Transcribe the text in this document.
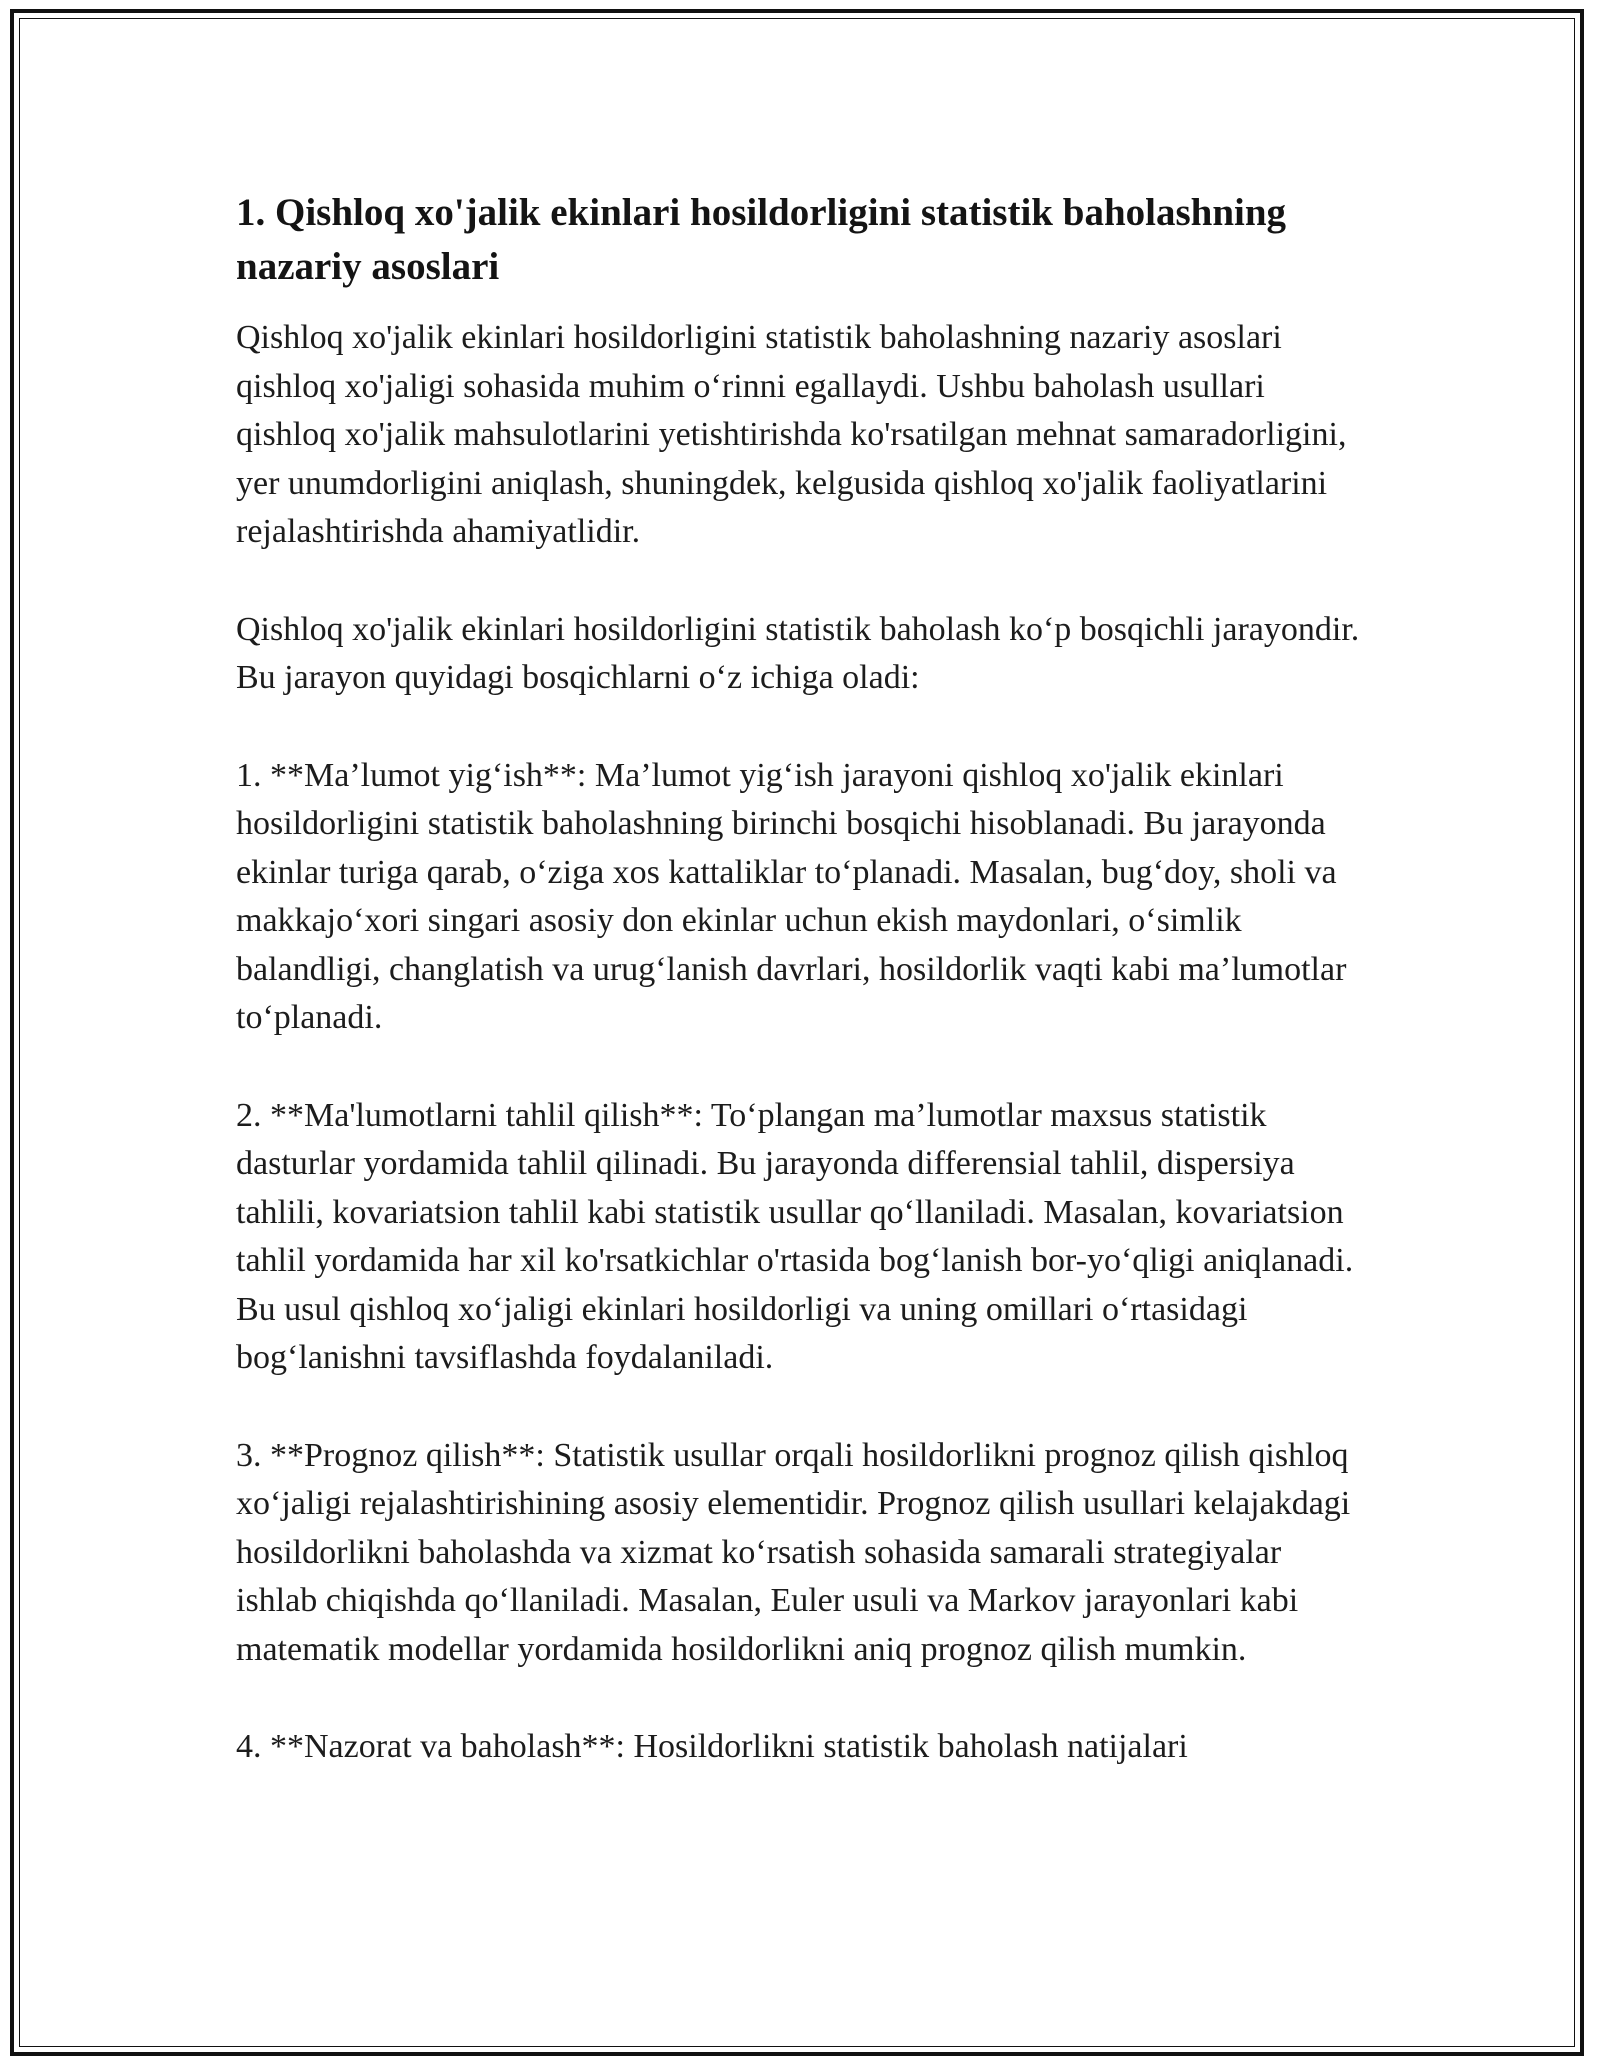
1. Qishloq xo'jalik ekinlari hosildorligini statistik baholashning nazariy asoslari

Qishloq xo'jalik ekinlari hosildorligini statistik baholashning nazariy asoslari qishloq xo'jaligi sohasida muhim o‘rinni egallaydi. Ushbu baholash usullari qishloq xo'jalik mahsulotlarini yetishtirishda ko'rsatilgan mehnat samaradorligini, yer unumdorligini aniqlash, shuningdek, kelgusida qishloq xo'jalik faoliyatlarini rejalashtirishda ahamiyatlidir.

Qishloq xo'jalik ekinlari hosildorligini statistik baholash ko‘p bosqichli jarayondir. Bu jarayon quyidagi bosqichlarni o‘z ichiga oladi:

1. **Ma’lumot yig‘ish**: Ma’lumot yig‘ish jarayoni qishloq xo'jalik ekinlari hosildorligini statistik baholashning birinchi bosqichi hisoblanadi. Bu jarayonda ekinlar turiga qarab, o‘ziga xos kattaliklar to‘planadi. Masalan, bug‘doy, sholi va makkajo‘xori singari asosiy don ekinlar uchun ekish maydonlari, o‘simlik balandligi, changlatish va urug‘lanish davrlari, hosildorlik vaqti kabi ma’lumotlar to‘planadi.

2. **Ma'lumotlarni tahlil qilish**: To‘plangan ma’lumotlar maxsus statistik dasturlar yordamida tahlil qilinadi. Bu jarayonda differensial tahlil, dispersiya tahlili, kovariatsion tahlil kabi statistik usullar qo‘llaniladi. Masalan, kovariatsion tahlil yordamida har xil ko'rsatkichlar o'rtasida bog‘lanish bor-yo‘qligi aniqlanadi. Bu usul qishloq xo‘jaligi ekinlari hosildorligi va uning omillari o‘rtasidagi bog‘lanishni tavsiflashda foydalaniladi.

3. **Prognoz qilish**: Statistik usullar orqali hosildorlikni prognoz qilish qishloq xo‘jaligi rejalashtirishining asosiy elementidir. Prognoz qilish usullari kelajakdagi hosildorlikni baholashda va xizmat ko‘rsatish sohasida samarali strategiyalar ishlab chiqishda qo‘llaniladi. Masalan, Euler usuli va Markov jarayonlari kabi matematik modellar yordamida hosildorlikni aniq prognoz qilish mumkin.

4. **Nazorat va baholash**: Hosildorlikni statistik baholash natijalari
